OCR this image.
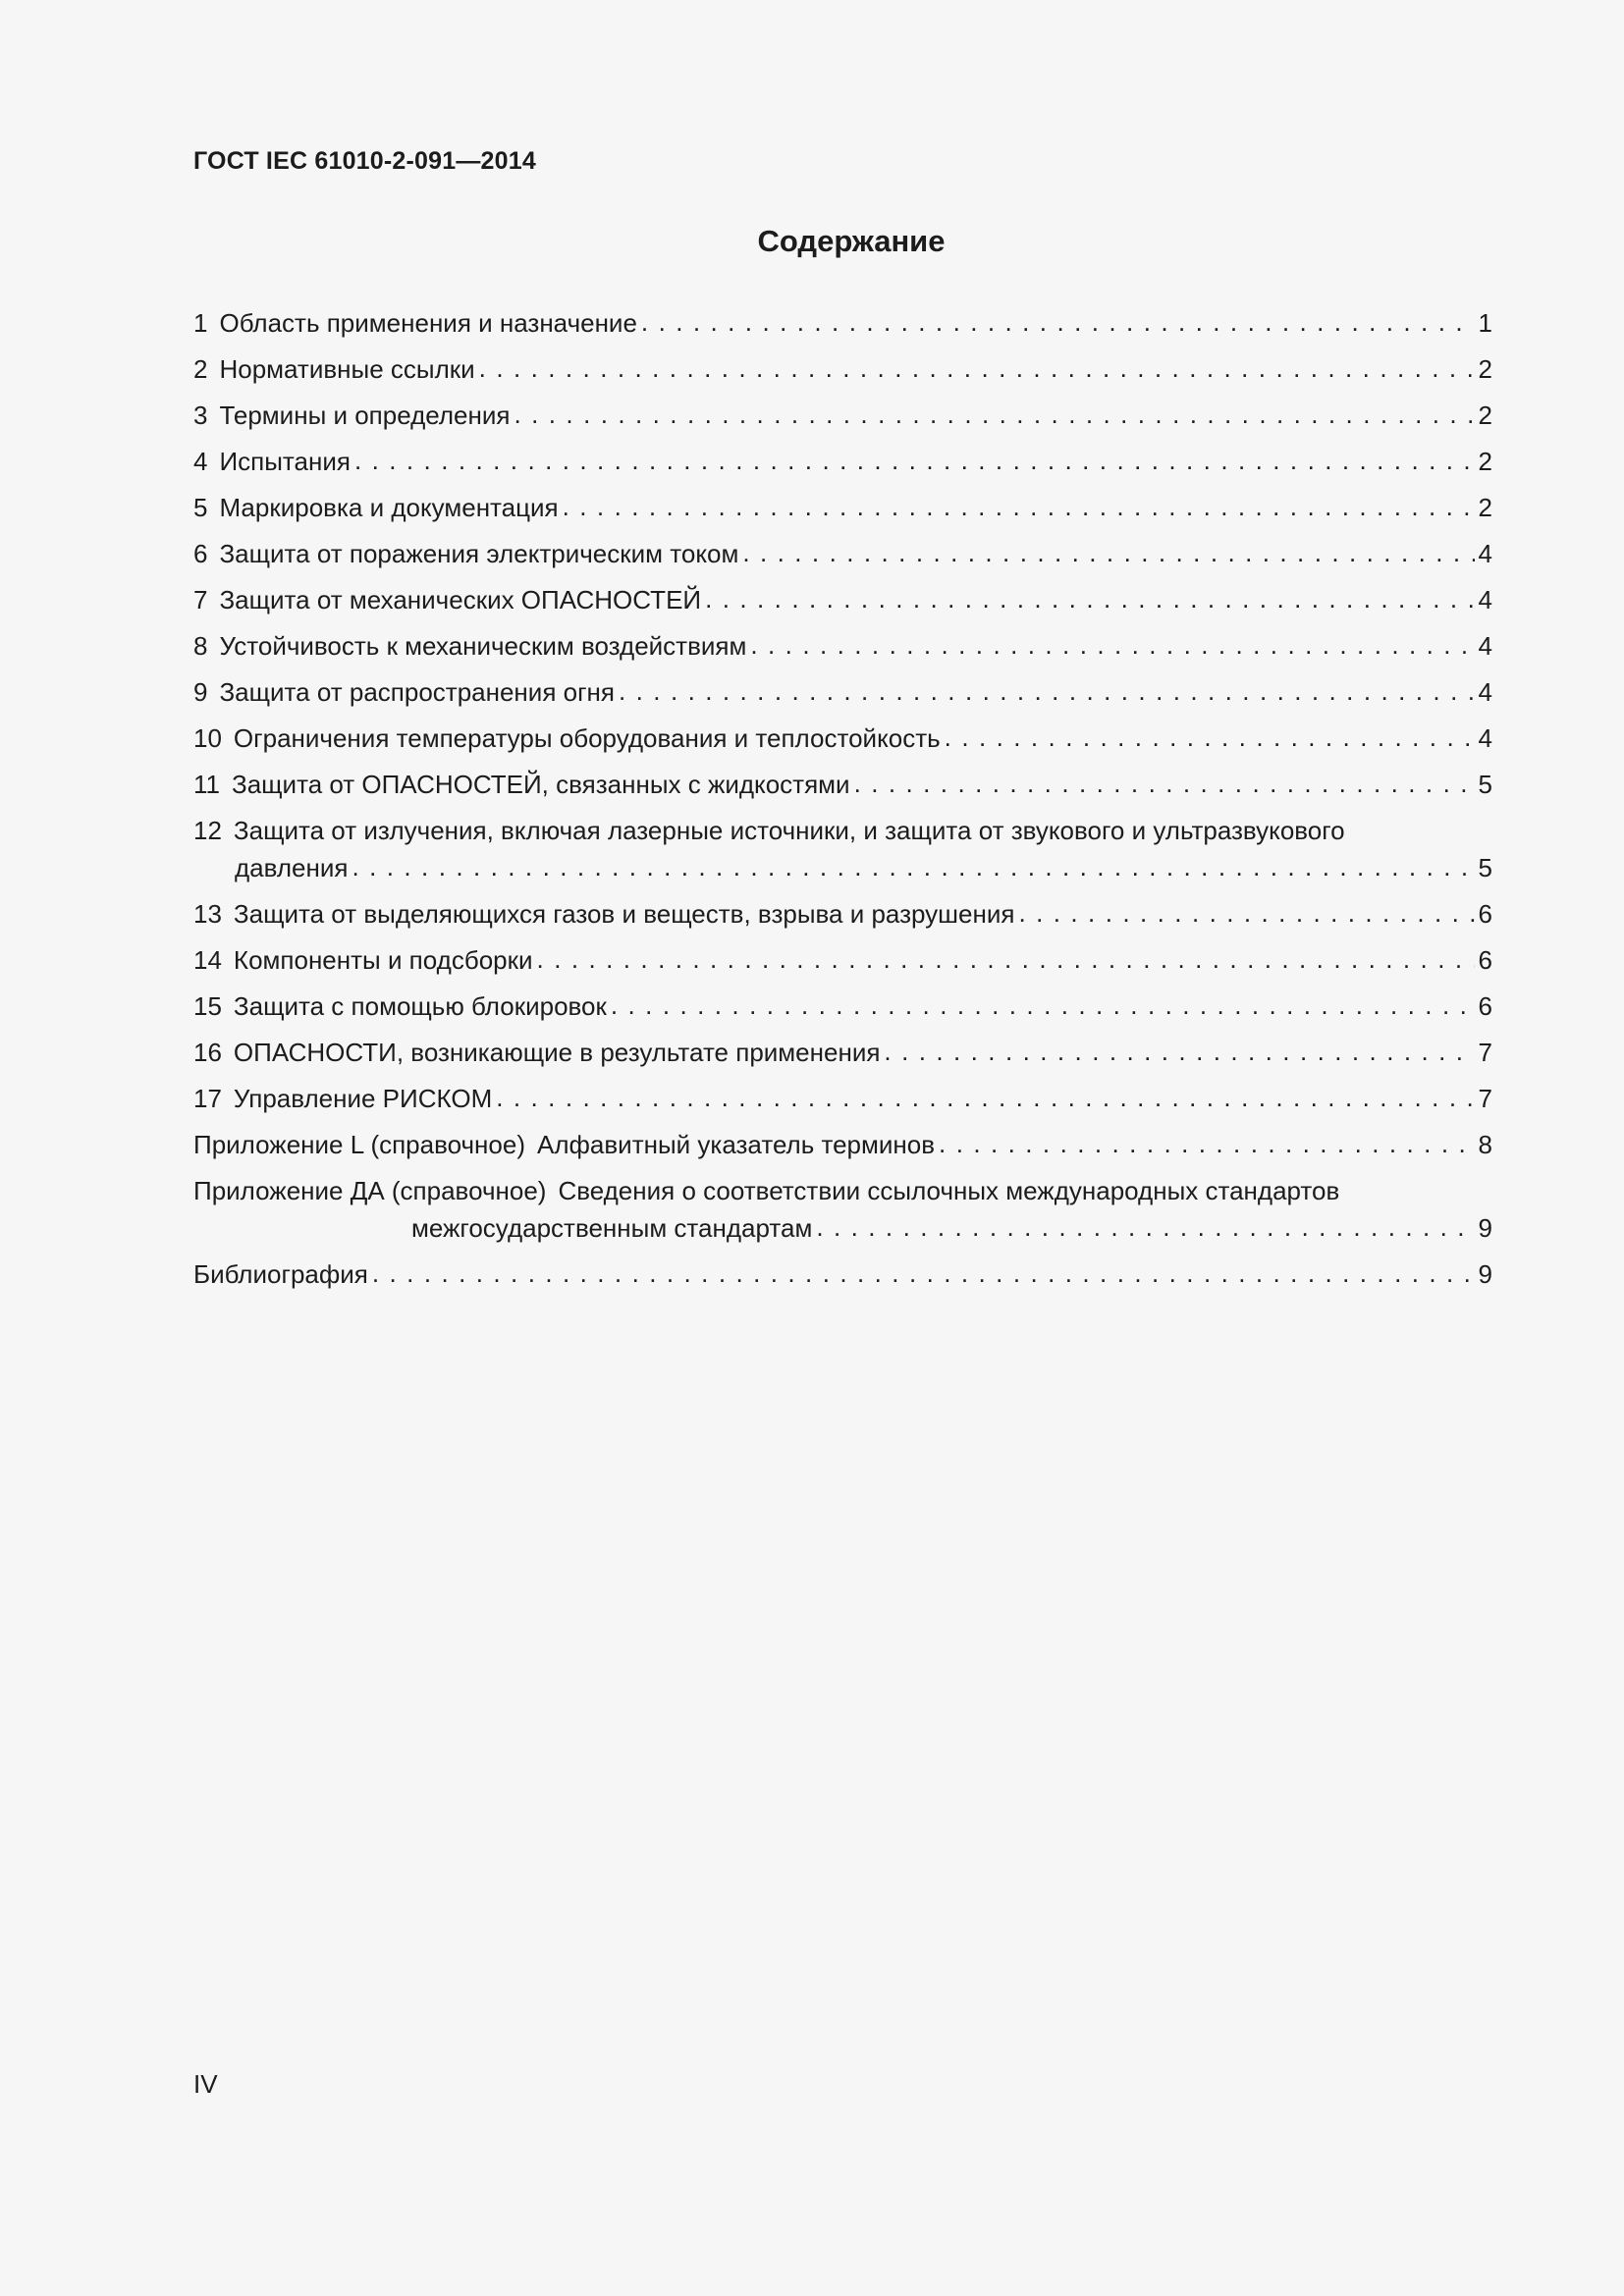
ГОСТ IEC 61010-2-091—2014
Содержание
1 Область применения и назначение . . .	1
2 Нормативные ссылки . . .	2
3 Термины и определения . . .	2
4 Испытания . . .	2
5 Маркировка и документация . . .	2
6 Защита от поражения электрическим током . . .	4
7 Защита от механических ОПАСНОСТЕЙ . . .	4
8 Устойчивость к механическим воздействиям . . .	4
9 Защита от распространения огня . . .	4
10 Ограничения температуры оборудования и теплостойкость . . .	4
11 Защита от ОПАСНОСТЕЙ, связанных с жидкостями . . .	5
12 Защита от излучения, включая лазерные источники, и защита от звукового и ультразвукового
давления . . .	5
13 Защита от выделяющихся газов и веществ, взрыва и разрушения . . .	6
14 Компоненты и подсборки . . .	6
15 Защита с помощью блокировок . . .	6
16 ОПАСНОСТИ, возникающие в результате применения . . .	7
17 Управление РИСКОМ . . .	7
Приложение L (справочное) Алфавитный указатель терминов . . .	8
Приложение ДА (справочное) Сведения о соответствии ссылочных международных стандартов
межгосударственным стандартам . . .	9
Библиография . . .	9
IV
